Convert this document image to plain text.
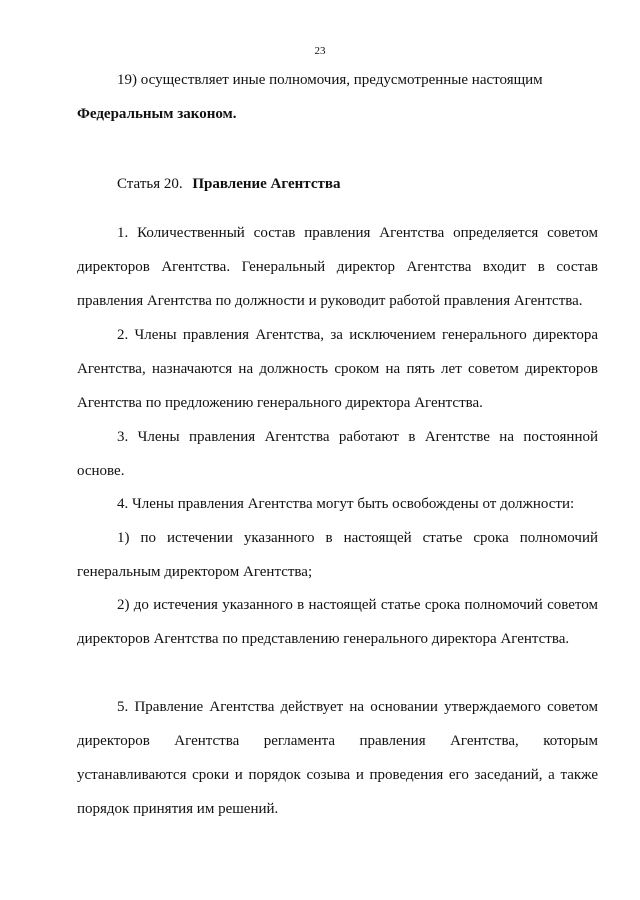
23

19) осуществляет иные полномочия, предусмотренные настоящим

Федеральным законом.

Статья 20. Правление Агентства

1. Количественный состав правления Агентства определяется советом директоров Агентства. Генеральный директор Агентства входит в состав правления Агентства по должности и руководит работой правления Агентства.

2. Члены правления Агентства, за исключением генерального директора Агентства, назначаются на должность сроком на пять лет советом директоров Агентства по предложению генерального директора Агентства.

3. Члены правления Агентства работают в Агентстве на постоянной основе.

4. Члены правления Агентства могут быть освобождены от должности:

1) по истечении указанного в настоящей статье срока полномочий генеральным директором Агентства;

2) до истечения указанного в настоящей статье срока полномочий советом директоров Агентства по представлению генерального директора Агентства.

5. Правление Агентства действует на основании утверждаемого советом директоров Агентства регламента правления Агентства, которым устанавливаются сроки и порядок созыва и проведения его заседаний, а также порядок принятия им решений.
